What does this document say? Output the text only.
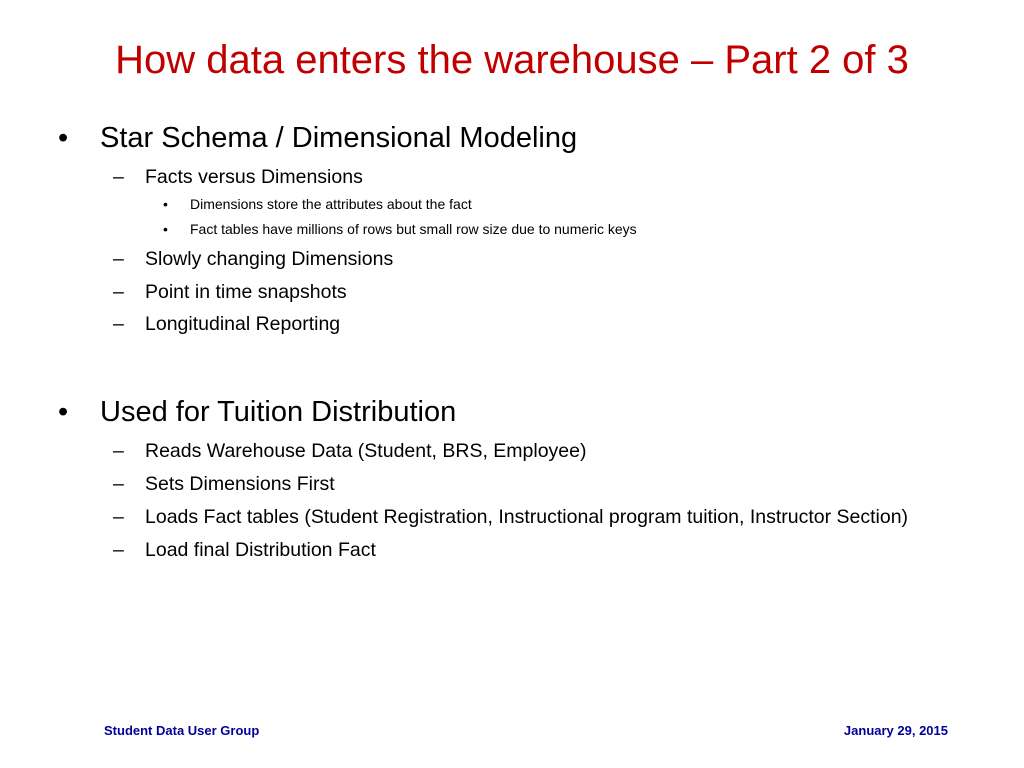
How data enters the warehouse – Part 2 of 3
• Star Schema / Dimensional Modeling
– Facts versus Dimensions
• Dimensions store the attributes about the fact
• Fact tables have millions of rows but small row size due to numeric keys
– Slowly changing Dimensions
– Point in time snapshots
– Longitudinal Reporting
• Used for Tuition Distribution
– Reads Warehouse Data (Student, BRS, Employee)
– Sets Dimensions First
– Loads Fact tables (Student Registration, Instructional program tuition, Instructor Section)
– Load final Distribution Fact
Student Data User Group	January 29, 2015
